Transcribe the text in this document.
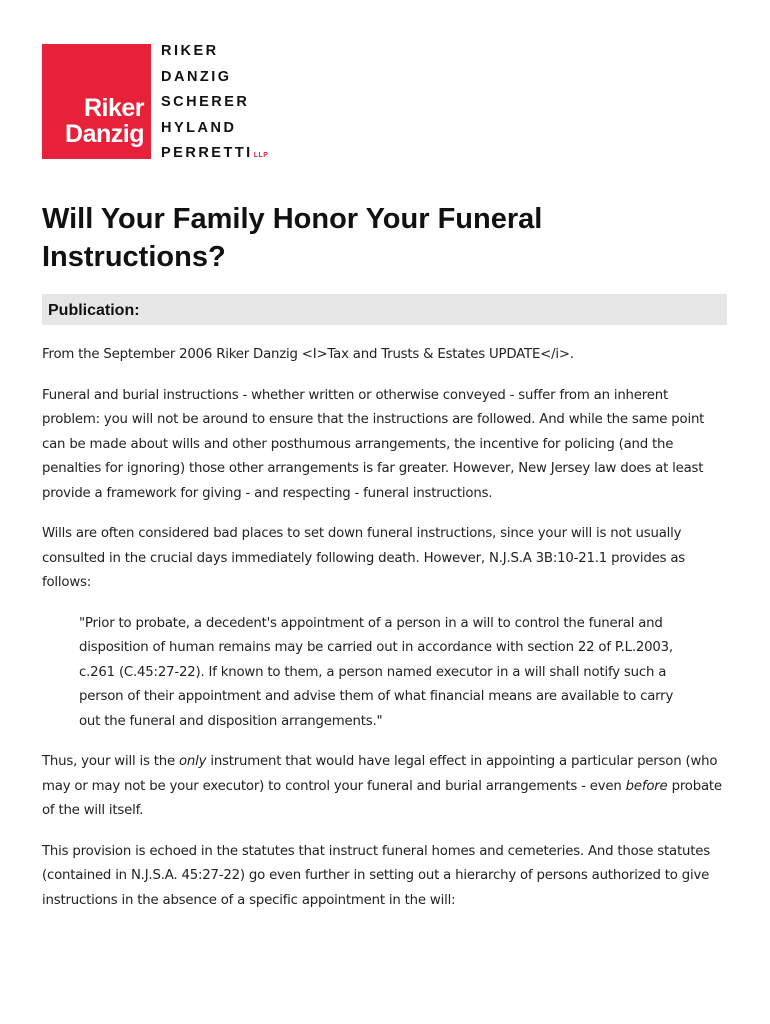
Riker
Danzig
RIKER
DANZIG
SCHERER
HYLAND
PERRETTILLP
Will Your Family Honor Your Funeral Instructions?
Publication:

From the September 2006 Riker Danzig <I>Tax and Trusts & Estates UPDATE</i>.

Funeral and burial instructions - whether written or otherwise conveyed - suffer from an inherent problem: you will not be around to ensure that the instructions are followed. And while the same point can be made about wills and other posthumous arrangements, the incentive for policing (and the penalties for ignoring) those other arrangements is far greater. However, New Jersey law does at least provide a framework for giving - and respecting - funeral instructions.

Wills are often considered bad places to set down funeral instructions, since your will is not usually consulted in the crucial days immediately following death. However, N.J.S.A 3B:10-21.1 provides as follows:

"Prior to probate, a decedent's appointment of a person in a will to control the funeral and disposition of human remains may be carried out in accordance with section 22 of P.L.2003, c.261 (C.45:27-22). If known to them, a person named executor in a will shall notify such a person of their appointment and advise them of what financial means are available to carry out the funeral and disposition arrangements."

Thus, your will is the only instrument that would have legal effect in appointing a particular person (who may or may not be your executor) to control your funeral and burial arrangements - even before probate of the will itself.

This provision is echoed in the statutes that instruct funeral homes and cemeteries. And those statutes (contained in N.J.S.A. 45:27-22) go even further in setting out a hierarchy of persons authorized to give instructions in the absence of a specific appointment in the will:
